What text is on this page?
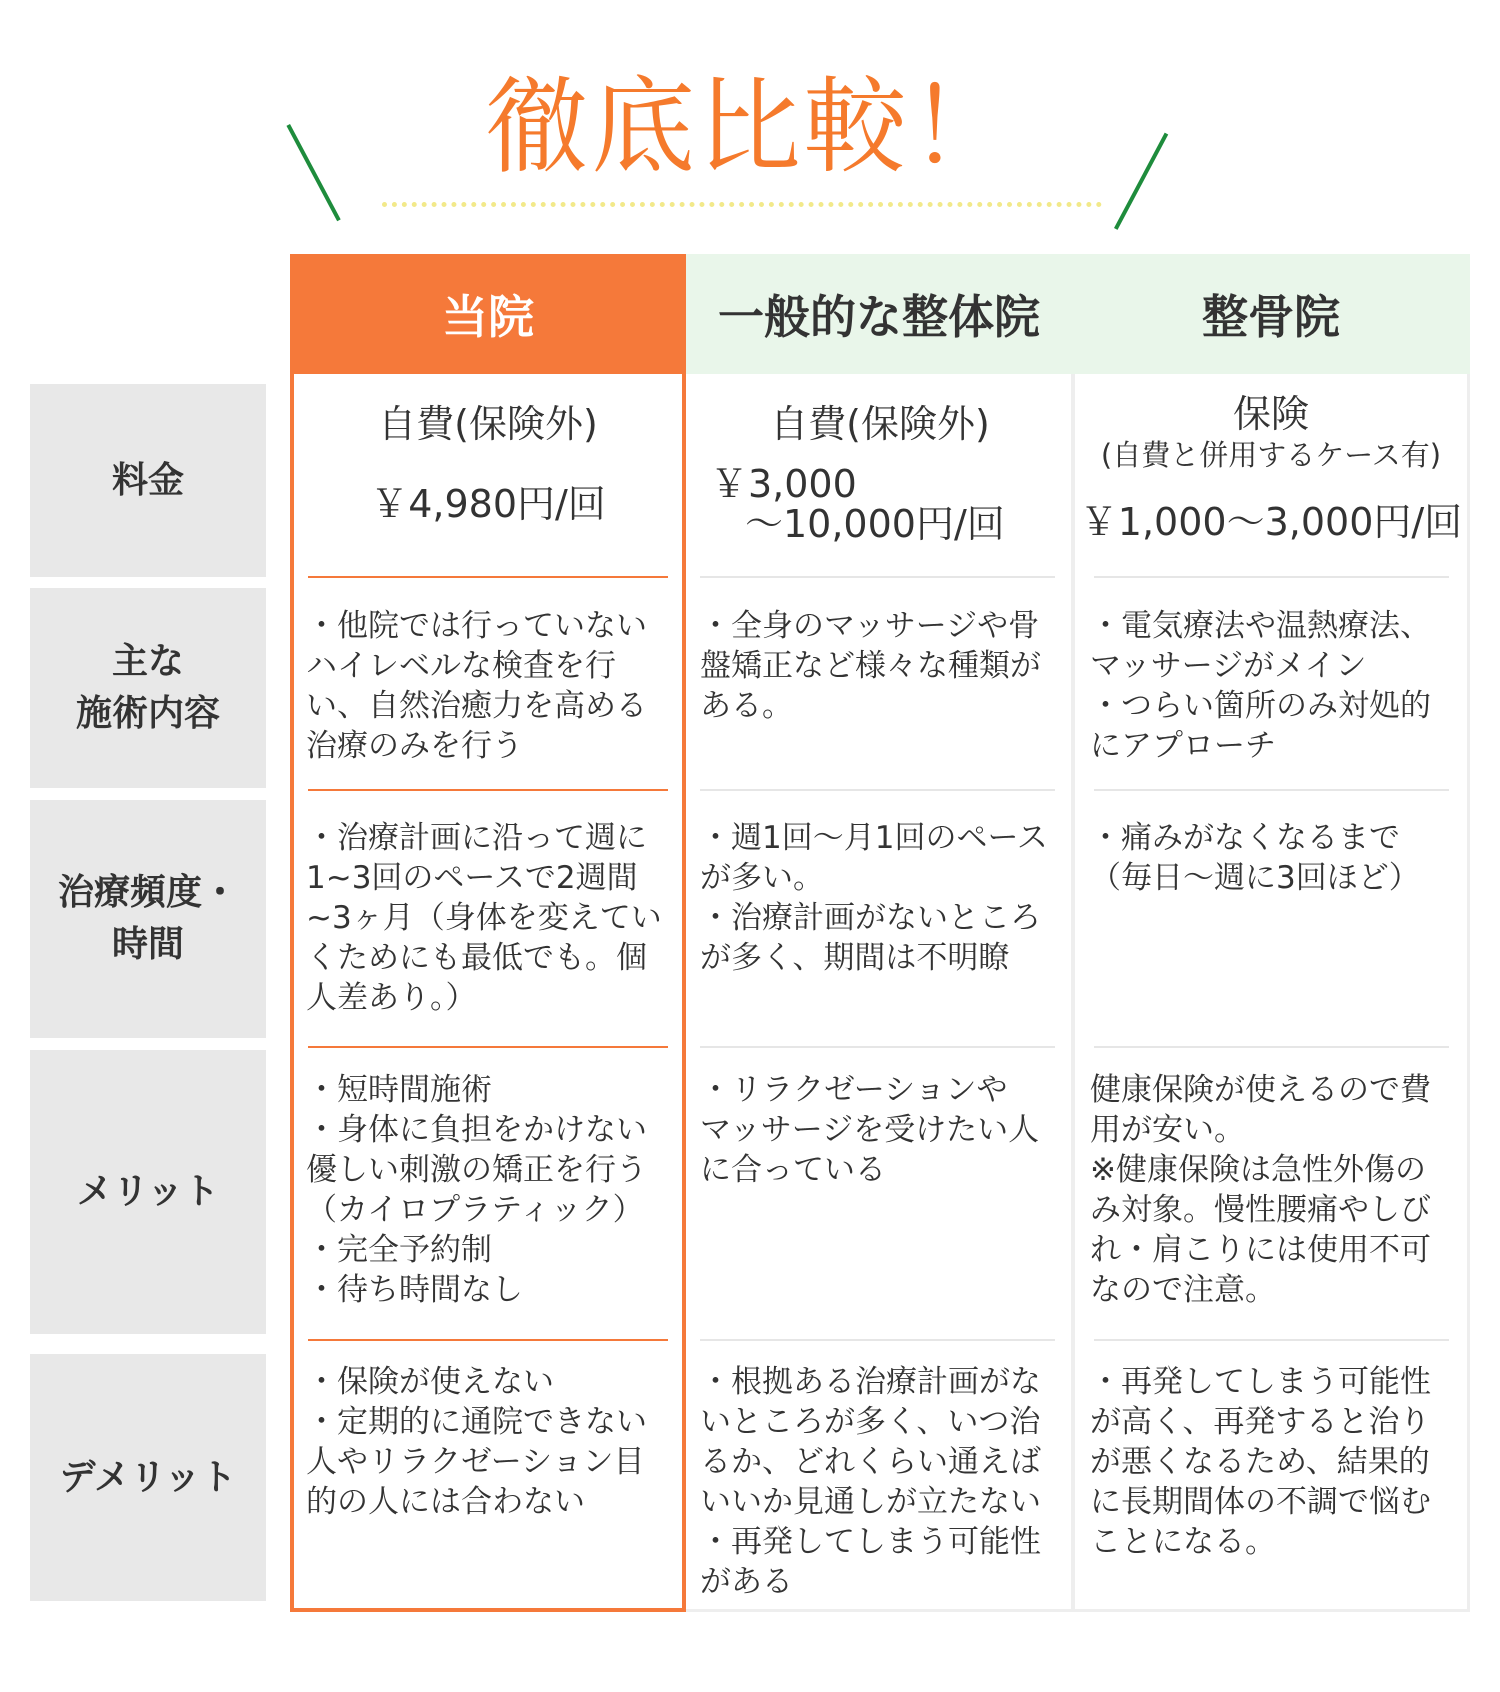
徹底比較！
一般的な整体院	整骨院
当院
料金
主な
施術内容
治療頻度・
時間
メリット
デメリット
自費(保険外)
￥4,980円/回
自費(保険外)
￥3,000
〜10,000円/回
保険
(自費と併用するケース有)
￥1,000〜3,000円/回
・他院では行っていない
ハイレベルな検査を行
い、自然治癒力を高める
治療のみを行う
・全身のマッサージや骨
盤矯正など様々な種類が
ある。
・電気療法や温熱療法、
マッサージがメイン
・つらい箇所のみ対処的
にアプローチ
・治療計画に沿って週に
1~3回のペースで2週間
~3ヶ月（身体を変えてい
くためにも最低でも。個
人差あり。）
・週1回〜月1回のペース
が多い。
・治療計画がないところ
が多く、期間は不明瞭
・痛みがなくなるまで
（毎日〜週に3回ほど）
・短時間施術
・身体に負担をかけない
優しい刺激の矯正を行う
（カイロプラティック）
・完全予約制
・待ち時間なし
・リラクゼーションや
マッサージを受けたい人
に合っている
健康保険が使えるので費
用が安い。
※健康保険は急性外傷の
み対象。慢性腰痛やしび
れ・肩こりには使用不可
なので注意。
・保険が使えない
・定期的に通院できない
人やリラクゼーション目
的の人には合わない
・根拠ある治療計画がな
いところが多く、いつ治
るか、どれくらい通えば
いいか見通しが立たない
・再発してしまう可能性
がある
・再発してしまう可能性
が高く、再発すると治り
が悪くなるため、結果的
に長期間体の不調で悩む
ことになる。
